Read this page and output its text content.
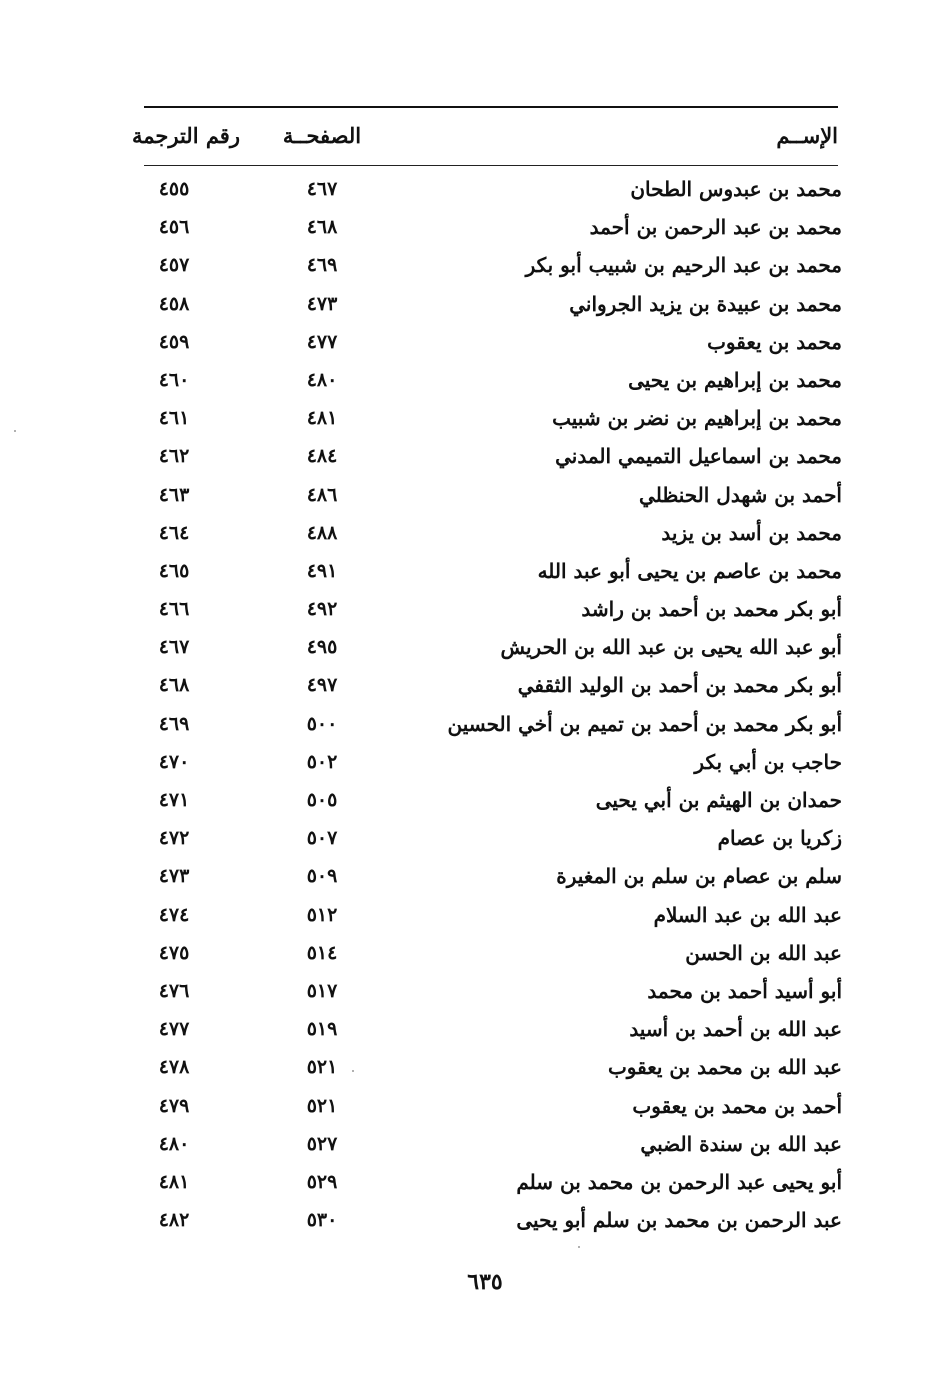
الإســم
الصفحــة
رقم الترجمة
محمد بن عبدوس الطحان
٤٦٧
٤٥٥
محمد بن عبد الرحمن بن أحمد
٤٦٨
٤٥٦
محمد بن عبد الرحيم بن شبيب أبو بكر
٤٦٩
٤٥٧
محمد بن عبيدة بن يزيد الجرواني
٤٧٣
٤٥٨
محمد بن يعقوب
٤٧٧
٤٥٩
محمد بن إبراهيم بن يحيى
٤٨٠
٤٦٠
محمد بن إبراهيم بن نضر بن شبيب
٤٨١
٤٦١
محمد بن اسماعيل التميمي المدني
٤٨٤
٤٦٢
أحمد بن شهدل الحنظلي
٤٨٦
٤٦٣
محمد بن أسد بن يزيد
٤٨٨
٤٦٤
محمد بن عاصم بن يحيى أبو عبد الله
٤٩١
٤٦٥
أبو بكر محمد بن أحمد بن راشد
٤٩٢
٤٦٦
أبو عبد الله يحيى بن عبد الله بن الحريش
٤٩٥
٤٦٧
أبو بكر محمد بن أحمد بن الوليد الثقفي
٤٩٧
٤٦٨
أبو بكر محمد بن أحمد بن تميم بن أخي الحسين
٥٠٠
٤٦٩
حاجب بن أبي بكر
٥٠٢
٤٧٠
حمدان بن الهيثم بن أبي يحيى
٥٠٥
٤٧١
زكريا بن عصام
٥٠٧
٤٧٢
سلم بن عصام بن سلم بن المغيرة
٥٠٩
٤٧٣
عبد الله بن عبد السلام
٥١٢
٤٧٤
عبد الله بن الحسن
٥١٤
٤٧٥
أبو أسيد أحمد بن محمد
٥١٧
٤٧٦
عبد الله بن أحمد بن أسيد
٥١٩
٤٧٧
عبد الله بن محمد بن يعقوب
٥٢١
٤٧٨
أحمد بن محمد بن يعقوب
٥٢١
٤٧٩
عبد الله بن سندة الضبي
٥٢٧
٤٨٠
أبو يحيى عبد الرحمن بن محمد بن سلم
٥٢٩
٤٨١
عبد الرحمن بن محمد بن سلم أبو يحيى
٥٣٠
٤٨٢
٦٣٥
